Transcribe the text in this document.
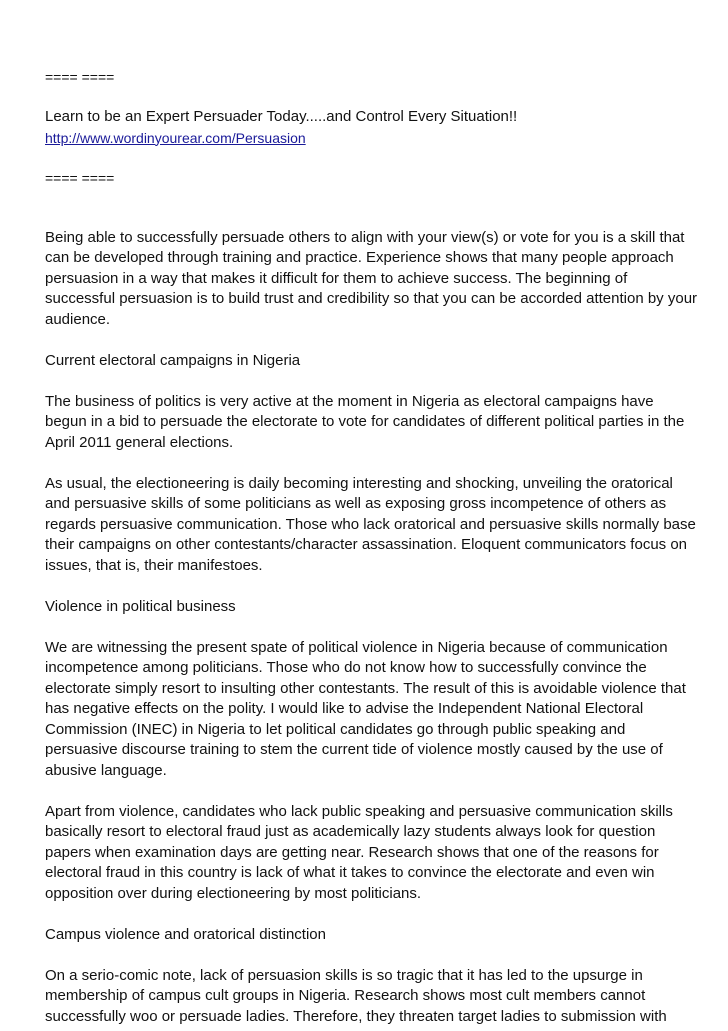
==== ====

Learn to be an Expert Persuader Today.....and Control Every Situation!!

http://www.wordinyourear.com/Persuasion

==== ====

Being able to successfully persuade others to align with your view(s) or vote for you is a skill that

can be developed through training and practice. Experience shows that many people approach

persuasion in a way that makes it difficult for them to achieve success. The beginning of

successful persuasion is to build trust and credibility so that you can be accorded attention by your

audience.

Current electoral campaigns in Nigeria

The business of politics is very active at the moment in Nigeria as electoral campaigns have

begun in a bid to persuade the electorate to vote for candidates of different political parties in the

April 2011 general elections.

As usual, the electioneering is daily becoming interesting and shocking, unveiling the oratorical

and persuasive skills of some politicians as well as exposing gross incompetence of others as

regards persuasive communication. Those who lack oratorical and persuasive skills normally base

their campaigns on other contestants/character assassination. Eloquent communicators focus on

issues, that is, their manifestoes.

Violence in political business

We are witnessing the present spate of political violence in Nigeria because of communication

incompetence among politicians. Those who do not know how to successfully convince the

electorate simply resort to insulting other contestants. The result of this is avoidable violence that

has negative effects on the polity. I would like to advise the Independent National Electoral

Commission (INEC) in Nigeria to let political candidates go through public speaking and

persuasive discourse training to stem the current tide of violence mostly caused by the use of

abusive language.

Apart from violence, candidates who lack public speaking and persuasive communication skills

basically resort to electoral fraud just as academically lazy students always look for question

papers when examination days are getting near. Research shows that one of the reasons for

electoral fraud in this country is lack of what it takes to convince the electorate and even win

opposition over during electioneering by most politicians.

Campus violence and oratorical distinction

On a serio-comic note, lack of persuasion skills is so tragic that it has led to the upsurge in

membership of campus cult groups in Nigeria. Research shows most cult members cannot

successfully woo or persuade ladies. Therefore, they threaten target ladies to submission with
